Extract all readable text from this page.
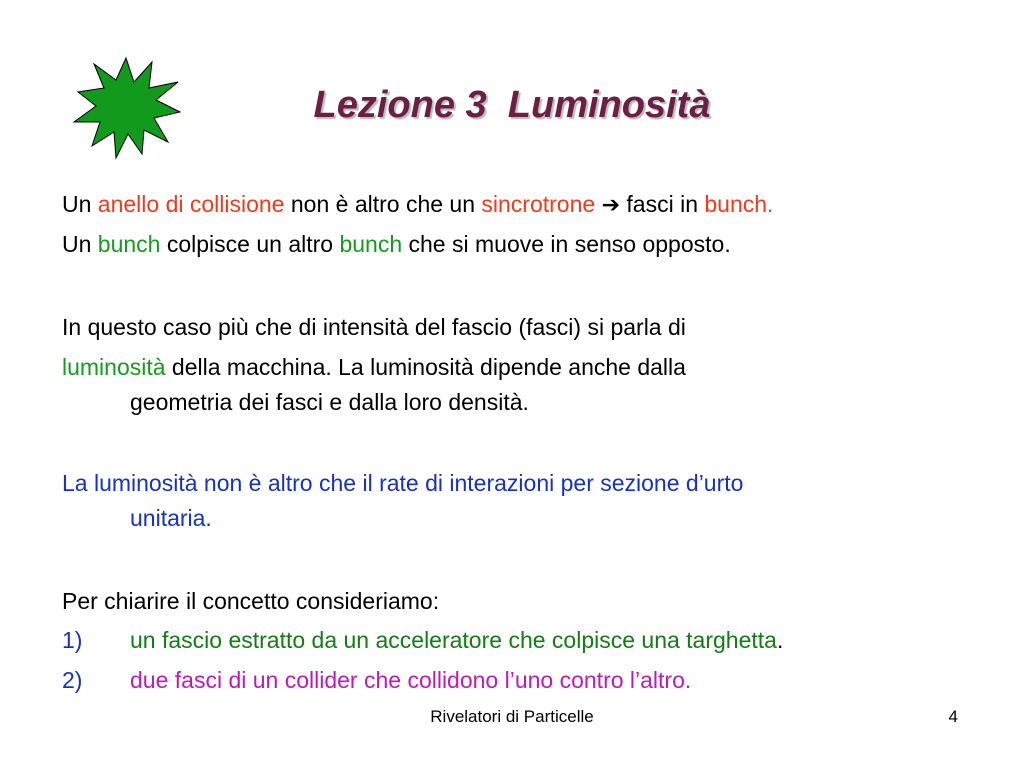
Lezione 3  Luminosità
Un anello di collisione non è altro che un sincrotrone ➔ fasci in bunch.
Un bunch colpisce un altro bunch che si muove in senso opposto.
In questo caso più che di intensità del fascio (fasci) si parla di
luminosità della macchina. La luminosità dipende anche dalla
geometria dei fasci e dalla loro densità.
La luminosità non è altro che il rate di interazioni per sezione d’urto
unitaria.
Per chiarire il concetto consideriamo:
1) un fascio estratto da un acceleratore che colpisce una targhetta.
2) due fasci di un collider che collidono l’uno contro l’altro.
Rivelatori di Particelle	4
